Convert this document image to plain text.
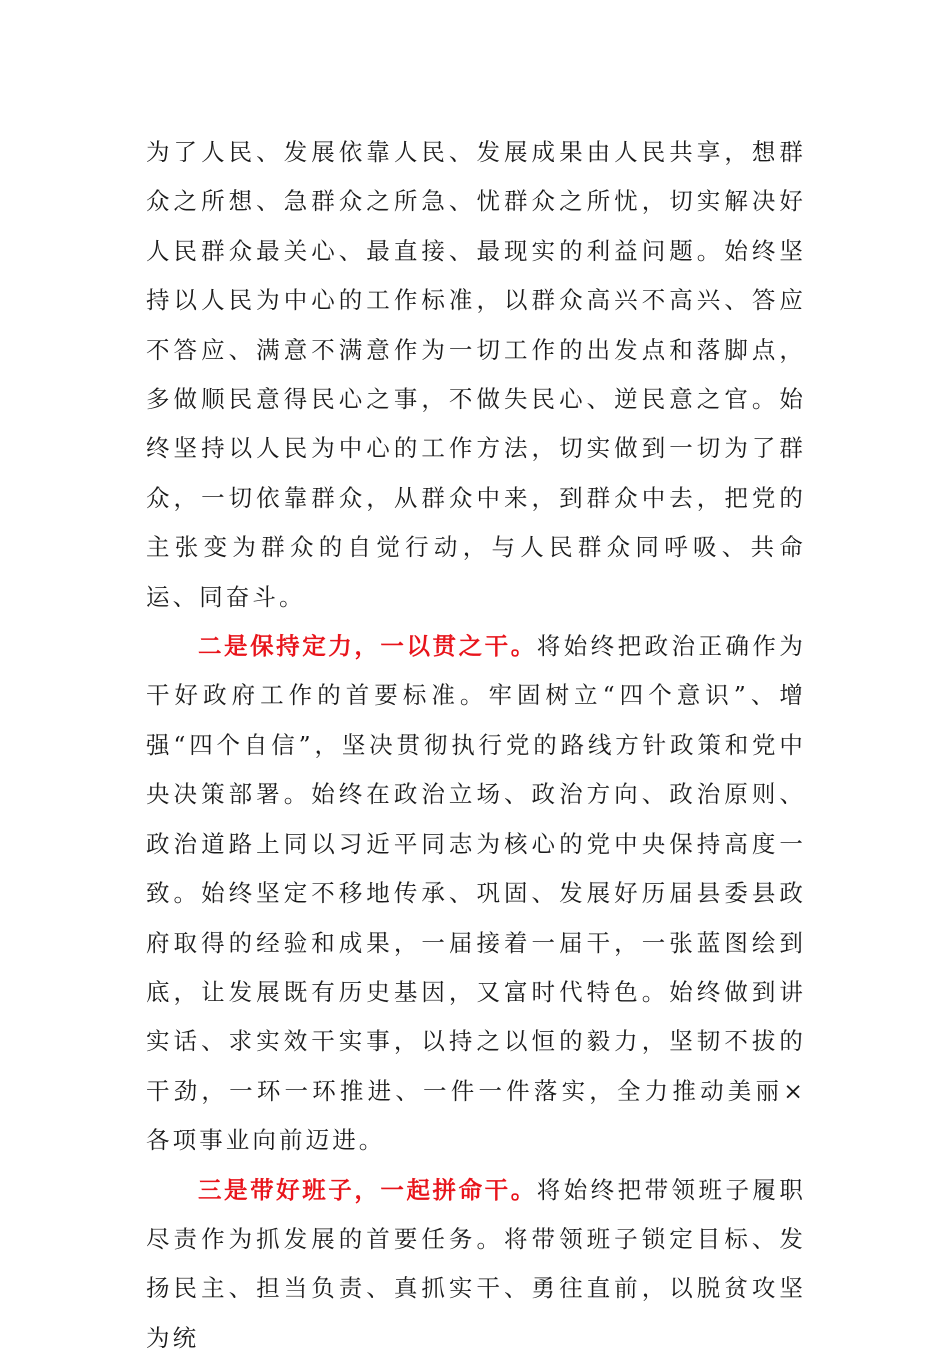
为了人民、发展依靠人民、发展成果由人民共享，想群众之所想、急群众之所急、忧群众之所忧，切实解决好人民群众最关心、最直接、最现实的利益问题。始终坚持以人民为中心的工作标准，以群众高兴不高兴、答应不答应、满意不满意作为一切工作的出发点和落脚点，多做顺民意得民心之事，不做失民心、逆民意之官。始终坚持以人民为中心的工作方法，切实做到一切为了群众，一切依靠群众，从群众中来，到群众中去，把党的主张变为群众的自觉行动，与人民群众同呼吸、共命运、同奋斗。

二是保持定力，一以贯之干。将始终把政治正确作为干好政府工作的首要标准。牢固树立“四个意识”、增强“四个自信”，坚决贯彻执行党的路线方针政策和党中央决策部署。始终在政治立场、政治方向、政治原则、政治道路上同以习近平同志为核心的党中央保持高度一致。始终坚定不移地传承、巩固、发展好历届县委县政府取得的经验和成果，一届接着一届干，一张蓝图绘到底，让发展既有历史基因，又富时代特色。始终做到讲实话、求实效干实事，以持之以恒的毅力，坚韧不拔的干劲，一环一环推进、一件一件落实，全力推动美丽×各项事业向前迈进。

三是带好班子，一起拼命干。将始终把带领班子履职尽责作为抓发展的首要任务。将带领班子锁定目标、发扬民主、担当负责、真抓实干、勇往直前，以脱贫攻坚为统
